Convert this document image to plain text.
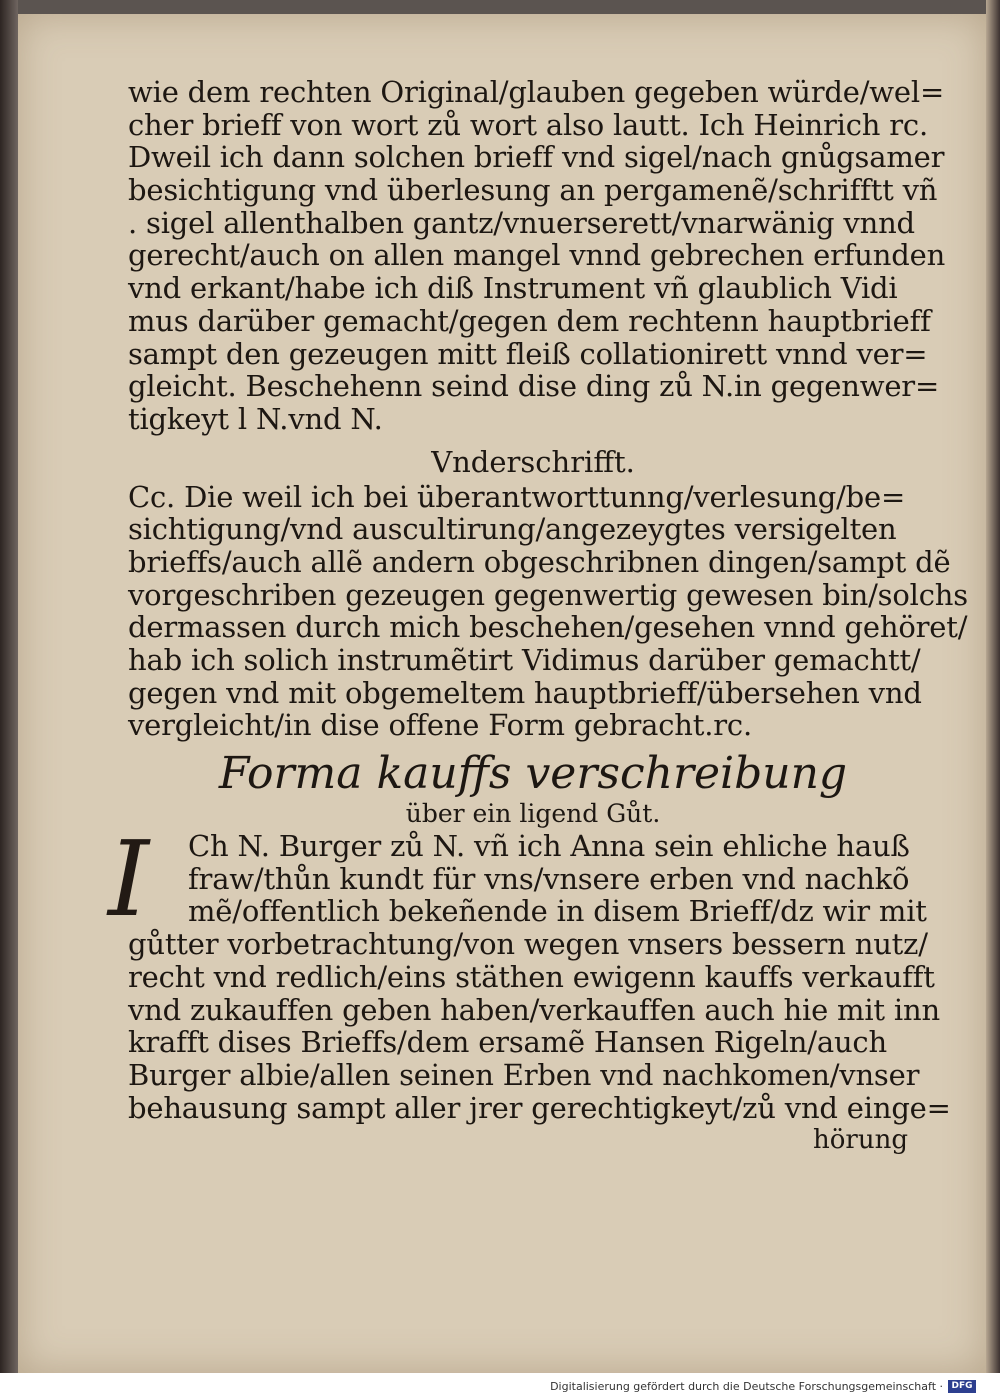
wie dem rechten Original/glauben gegeben würde/wel=
cher brieff von wort zů wort also lautt. Ich Heinrich rc.
Dweil ich dann solchen brieff vnd sigel/nach gnůgsamer
besichtigung vnd überlesung an pergamenẽ/schrifftt vñ
. sigel allenthalben gantz/vnuerserett/vnarwänig vnnd
gerecht/auch on allen mangel vnnd gebrechen erfunden
vnd erkant/habe ich diß Instrument vñ glaublich Vidi
mus darüber gemacht/gegen dem rechtenn hauptbrieff
sampt den gezeugen mitt fleiß collationirett vnnd ver=
gleicht. Beschehenn seind dise ding zů N.in gegenwer=
tigkeyt l N.vnd N.
Vnderschrifft.
Cc. Die weil ich bei überantworttunng/verlesung/be=
sichtigung/vnd auscultirung/angezeygtes versigelten
brieffs/auch allẽ andern obgeschribnen dingen/sampt dẽ
vorgeschriben gezeugen gegenwertig gewesen bin/solchs
dermassen durch mich beschehen/gesehen vnnd gehöret/
hab ich solich instrumẽtirt Vidimus darüber gemachtt/
gegen vnd mit obgemeltem hauptbrieff/übersehen vnd
vergleicht/in dise offene Form gebracht.rc.
Forma kauffs verschreibung
über ein ligend Gůt.
I	Ch N. Burger zů N. vñ ich Anna sein ehliche hauß
fraw/thůn kundt für vns/vnsere erben vnd nachkõ
mẽ/offentlich bekeñende in disem Brieff/dz wir mit
gůtter vorbetrachtung/von wegen vnsers bessern nutz/
recht vnd redlich/eins stäthen ewigenn kauffs verkaufft
vnd zukauffen geben haben/verkauffen auch hie mit inn
krafft dises Brieffs/dem ersamẽ Hansen Rigeln/auch
Burger albie/allen seinen Erben vnd nachkomen/vnser
behausung sampt aller jrer gerechtigkeyt/zů vnd einge=
hörung
Digitalisierung gefördert durch die Deutsche Forschungsgemeinschaft · DFG
